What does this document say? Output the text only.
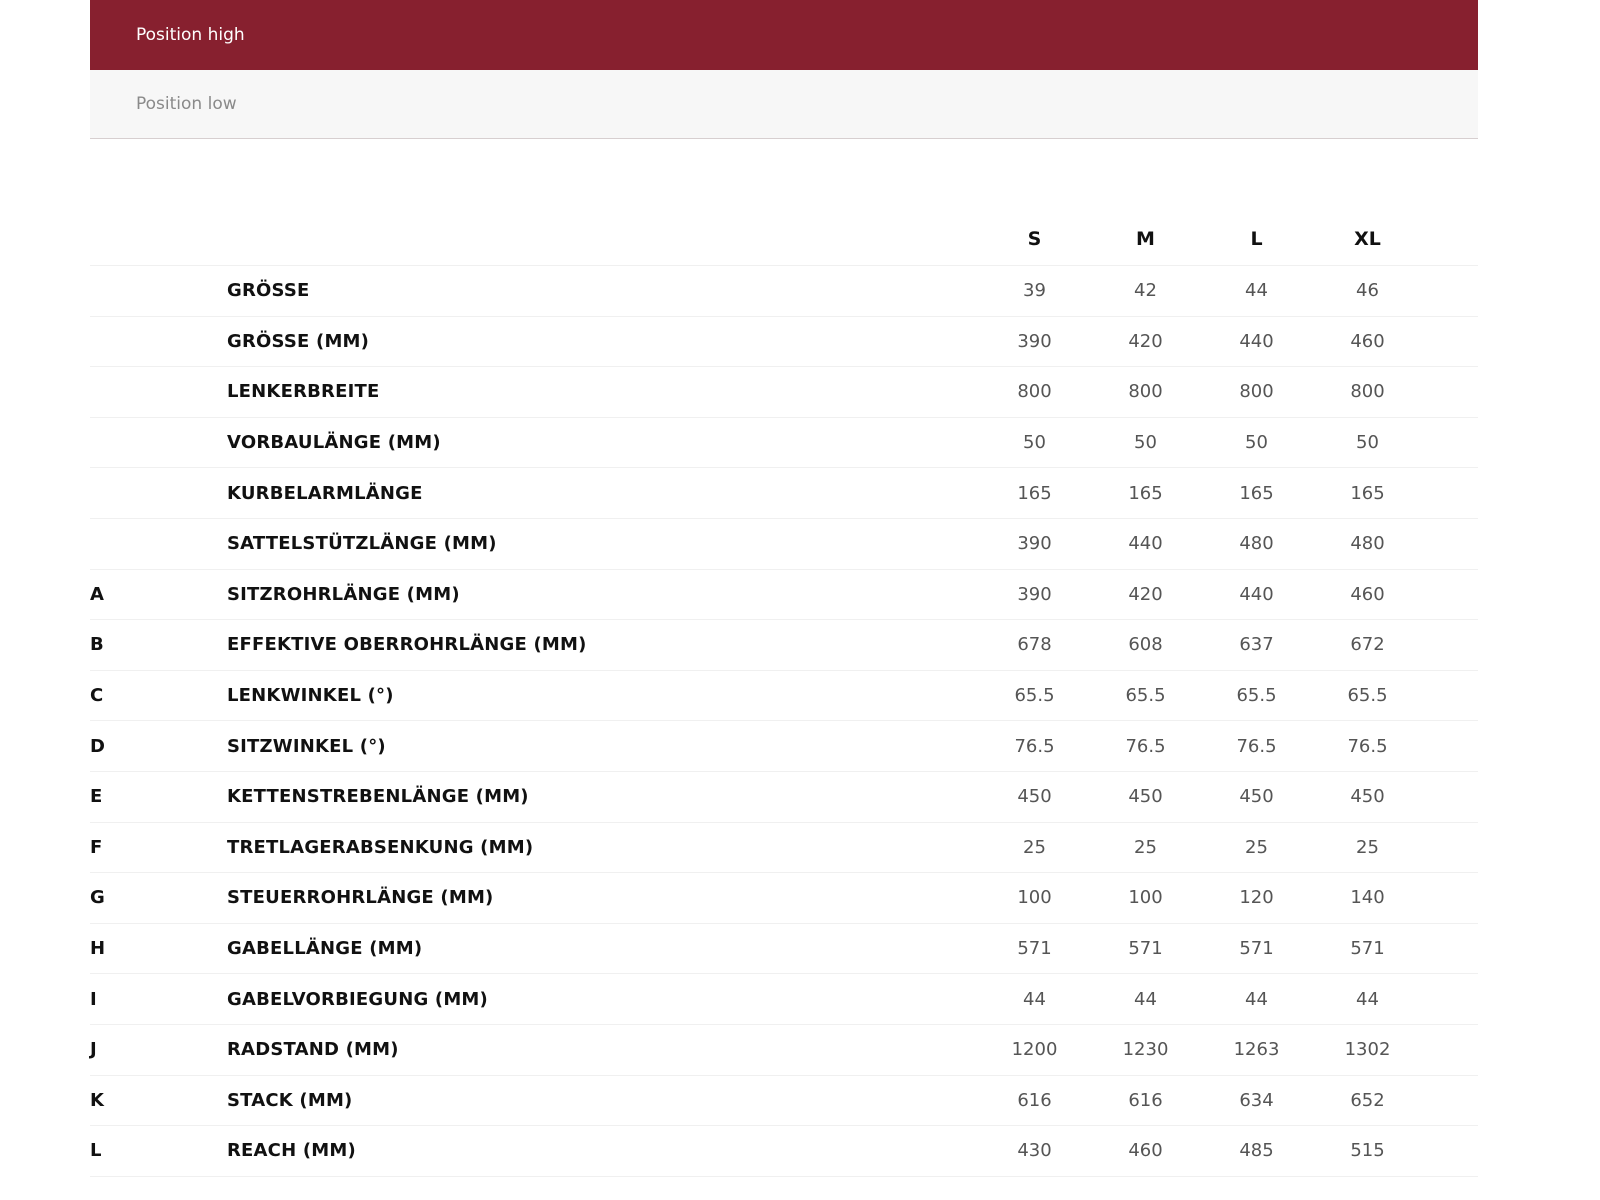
Position high
Position low
		S	M	L	XL	
	GRÖSSE	39	42	44	46	
	GRÖSSE (MM)	390	420	440	460	
	LENKERBREITE	800	800	800	800	
	VORBAULÄNGE (MM)	50	50	50	50	
	KURBELARMLÄNGE	165	165	165	165	
	SATTELSTÜTZLÄNGE (MM)	390	440	480	480	
A	SITZROHRLÄNGE (MM)	390	420	440	460	
B	EFFEKTIVE OBERROHRLÄNGE (MM)	678	608	637	672	
C	LENKWINKEL (°)	65.5	65.5	65.5	65.5	
D	SITZWINKEL (°)	76.5	76.5	76.5	76.5	
E	KETTENSTREBENLÄNGE (MM)	450	450	450	450	
F	TRETLAGERABSENKUNG (MM)	25	25	25	25	
G	STEUERROHRLÄNGE (MM)	100	100	120	140	
H	GABELLÄNGE (MM)	571	571	571	571	
I	GABELVORBIEGUNG (MM)	44	44	44	44	
J	RADSTAND (MM)	1200	1230	1263	1302	
K	STACK (MM)	616	616	634	652	
L	REACH (MM)	430	460	485	515	
